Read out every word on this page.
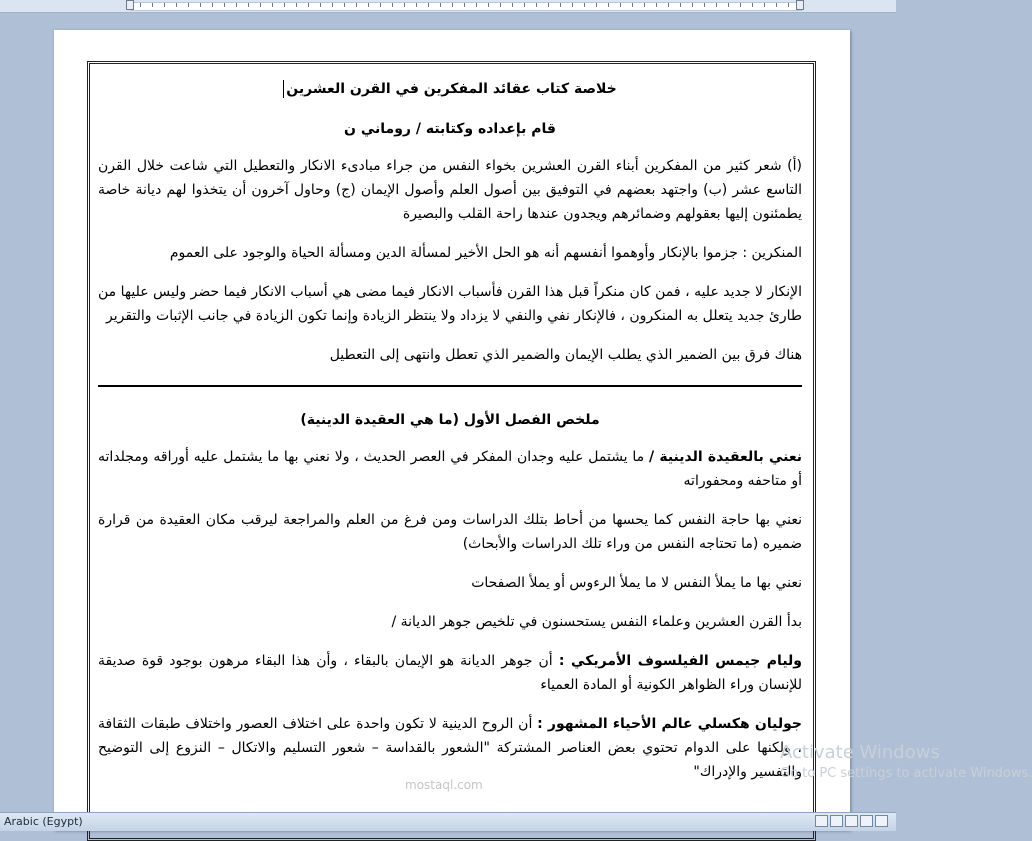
خلاصة كتاب عقائد المفكرين في القرن العشرين

قام بإعداده وكتابته / روماني ن

(أ) شعر كثير من المفكرين أبناء القرن العشرين بخواء النفس من جراء مبادىء الانكار والتعطيل التي شاعت خلال القرن التاسع عشر (ب) واجتهد بعضهم في التوفيق بين أصول العلم وأصول الإيمان (ج) وحاول آخرون أن يتخذوا لهم ديانة خاصة يطمئنون إليها بعقولهم وضمائرهم ويجدون عندها راحة القلب والبصيرة

المنكرين : جزموا بالإنكار وأوهموا أنفسهم أنه هو الحل الأخير لمسألة الدين ومسألة الحياة والوجود على العموم

الإنكار لا جديد عليه ، فمن كان منكراً قبل هذا القرن فأسباب الانكار فيما مضى هي أسباب الانكار فيما حضر وليس عليها من طارئ جديد يتعلل به المنكرون ، فالإنكار نفي والنفي لا يزداد ولا ينتظر الزيادة وإنما تكون الزيادة في جانب الإثبات والتقرير

هناك فرق بين الضمير الذي يطلب الإيمان والضمير الذي تعطل وانتهى إلى التعطيل

ملخص الفصل الأول (ما هي العقيدة الدينية)

نعني بالعقيدة الدينية / ما يشتمل عليه وجدان المفكر في العصر الحديث ، ولا نعني بها ما يشتمل عليه أوراقه ومجلداته أو متاحفه ومحفوراته

نعني بها حاجة النفس كما يحسها من أحاط بتلك الدراسات ومن فرغ من العلم والمراجعة ليرقب مكان العقيدة من قرارة ضميره (ما تحتاجه النفس من وراء تلك الدراسات والأبحاث)

نعني بها ما يملأ النفس لا ما يملأ الرءوس أو يملأ الصفحات

بدأ القرن العشرين وعلماء النفس يستحسنون في تلخيص جوهر الديانة /

وليام جيمس الفيلسوف الأمريكي : أن جوهر الديانة هو الإيمان بالبقاء ، وأن هذا البقاء مرهون بوجود قوة صديقة للإنسان وراء الظواهر الكونية أو المادة العمياء

جوليان هكسلي عالم الأحياء المشهور : أن الروح الدينية لا تكون واحدة على اختلاف العصور واختلاف طبقات الثقافة ، ولكنها على الدوام تحتوي بعض العناصر المشتركة "الشعور بالقداسة – شعور التسليم والاتكال – النزوع إلى التوضيح والتفسير والإدراك"

Activate Windows
Go to PC settings to activate Windows.
mostaql.com
Arabic (Egypt)
